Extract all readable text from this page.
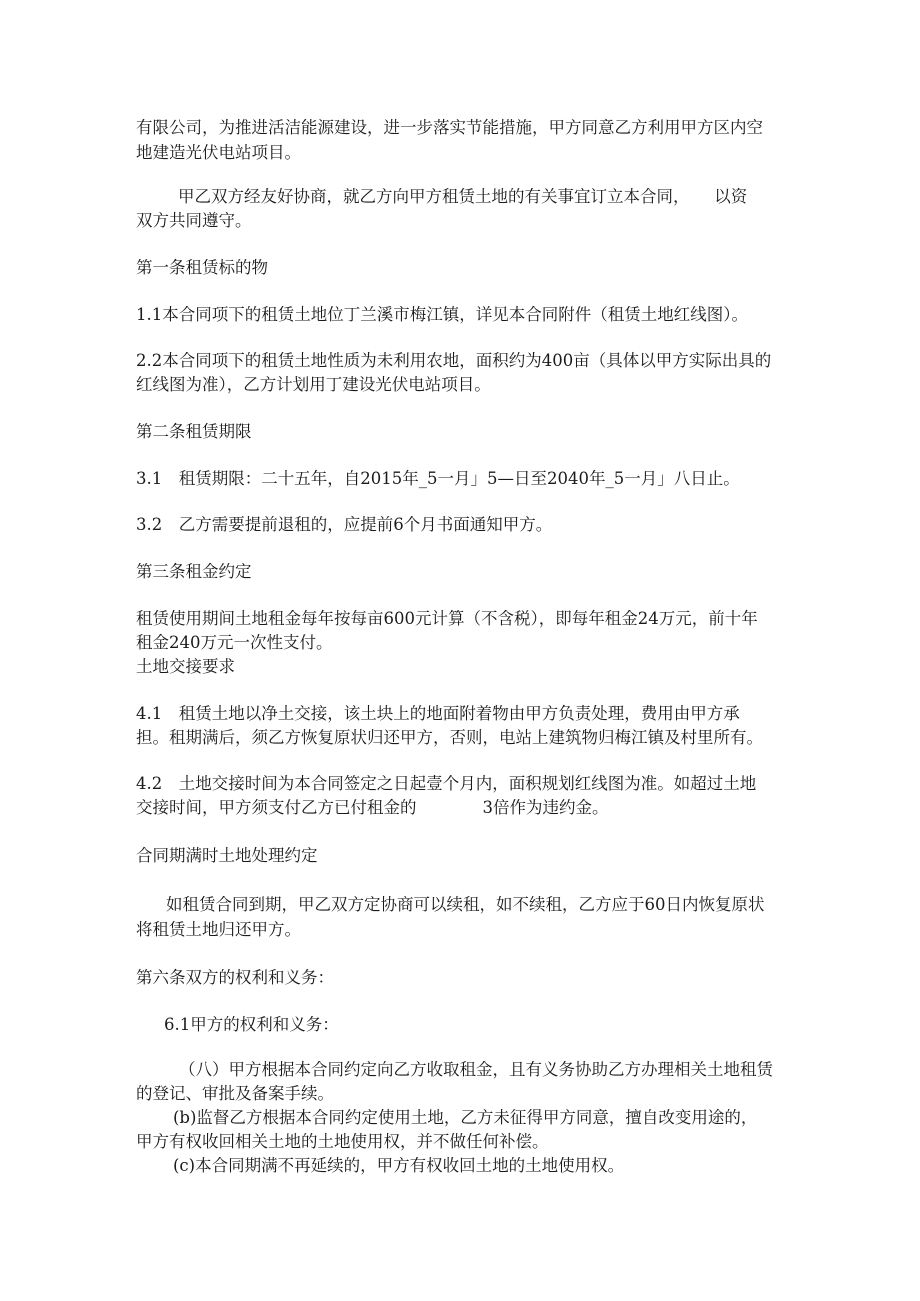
有限公司，为推进活洁能源建设，进一步落实节能措施，甲方同意乙方利用甲方区内空
地建造光伏电站项目。
甲乙双方经友好协商，就乙方向甲方租赁土地的有关事宜订立本合同，　　以资
双方共同遵守。
第一条租赁标的物
1.1本合同项下的租赁土地位丁兰溪市梅江镇，详见本合同附件（租赁土地红线图）。
2.2本合同项下的租赁土地性质为未利用农地，面积约为400亩（具体以甲方实际出具的
红线图为准），乙方计划用丁建设光伏电站项目。
第二条租赁期限
3.1　租赁期限：二十五年，自2015年_5一月」5—日至2040年_5一月」八日止。
3.2　乙方需要提前退租的，应提前6个月书面通知甲方。
第三条租金约定
租赁使用期间土地租金每年按每亩600元计算（不含税），即每年租金24万元，前十年
租金240万元一次性支付。
土地交接要求
4.1　租赁土地以净土交接，该土块上的地面附着物由甲方负责处理，费用由甲方承
担。租期满后，须乙方恢复原状归还甲方，否则，电站上建筑物归梅江镇及村里所有。
4.2　土地交接时间为本合同签定之日起壹个月内，面积规划红线图为准。如超过土地
交接时间，甲方须支付乙方已付租金的　　　　3倍作为违约金。
合同期满时土地处理约定
如租赁合同到期，甲乙双方定协商可以续租，如不续租，乙方应于60日内恢复原状
将租赁土地归还甲方。
第六条双方的权利和义务：
6.1甲方的权利和义务：
（八）甲方根据本合同约定向乙方收取租金，且有义务协助乙方办理相关土地租赁
的登记、审批及备案手续。
(b)监督乙方根据本合同约定使用土地，乙方未征得甲方同意，擅自改变用途的，
甲方有权收回相关土地的土地使用权，并不做任何补偿。
(c)本合同期满不再延续的，甲方有权收回土地的土地使用权。
